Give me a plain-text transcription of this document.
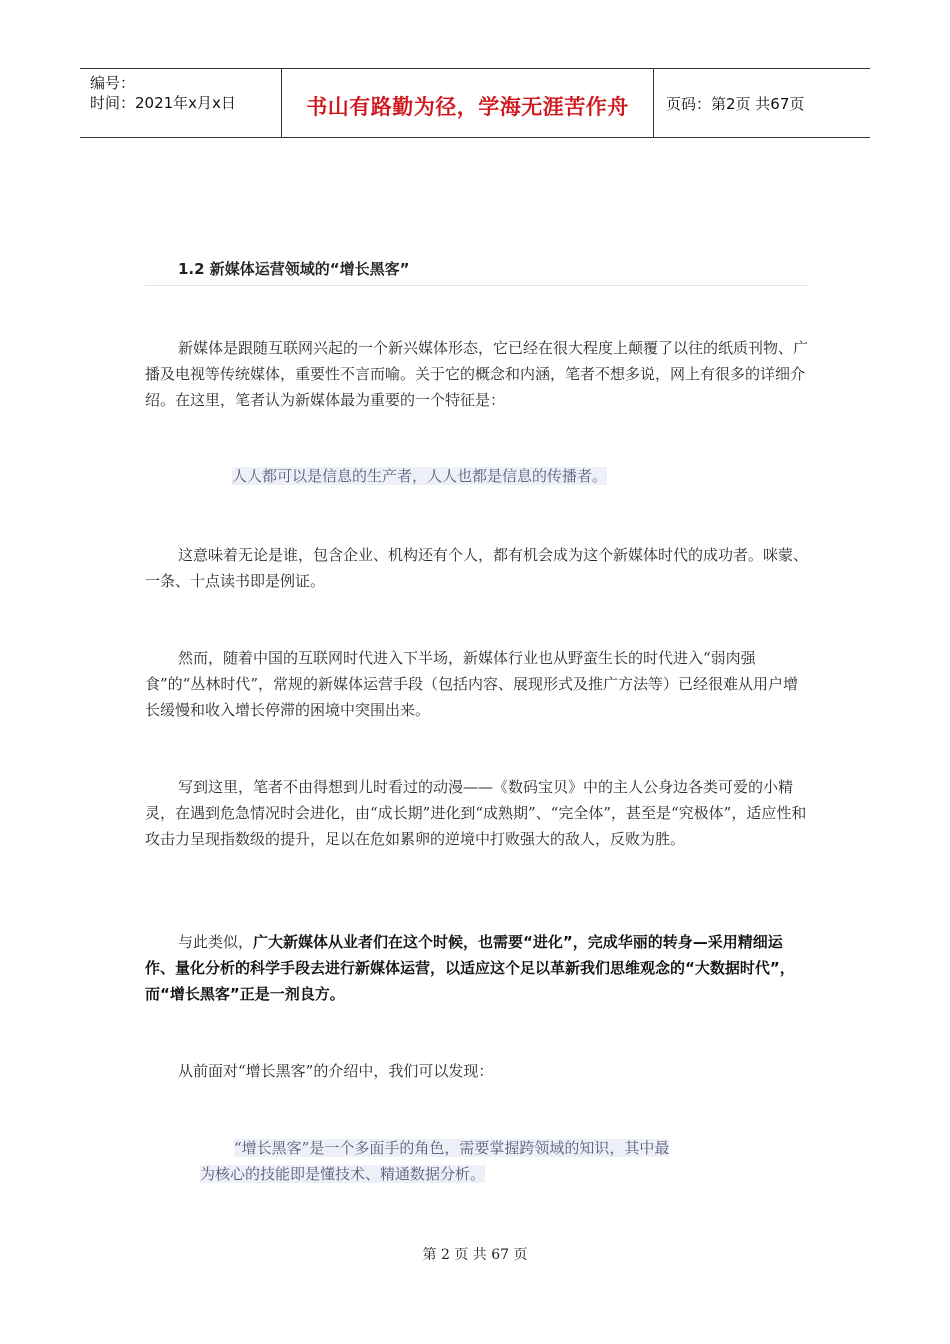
编号：
时间：2021年x月x日	书山有路勤为径，学海无涯苦作舟	页码：第2页 共67页
1.2 新媒体运营领域的“增长黑客”
新媒体是跟随互联网兴起的一个新兴媒体形态，它已经在很大程度上颠覆了以往的纸质刊物、广播及电视等传统媒体，重要性不言而喻。关于它的概念和内涵，笔者不想多说，网上有很多的详细介绍。在这里，笔者认为新媒体最为重要的一个特征是：
人人都可以是信息的生产者，人人也都是信息的传播者。
这意味着无论是谁，包含企业、机构还有个人，都有机会成为这个新媒体时代的成功者。咪蒙、一条、十点读书即是例证。
然而，随着中国的互联网时代进入下半场，新媒体行业也从野蛮生长的时代进入“弱肉强食”的“丛林时代”，常规的新媒体运营手段（包括内容、展现形式及推广方法等）已经很难从用户增长缓慢和收入增长停滞的困境中突围出来。
写到这里，笔者不由得想到儿时看过的动漫——《数码宝贝》中的主人公身边各类可爱的小精灵，在遇到危急情况时会进化，由“成长期”进化到“成熟期”、“完全体”，甚至是“究极体”，适应性和攻击力呈现指数级的提升，足以在危如累卵的逆境中打败强大的敌人，反败为胜。
与此类似，广大新媒体从业者们在这个时候，也需要“进化”，完成华丽的转身—采用精细运作、量化分析的科学手段去进行新媒体运营，以适应这个足以革新我们思维观念的“大数据时代”，而“增长黑客”正是一剂良方。
从前面对“增长黑客”的介绍中，我们可以发现：
“增长黑客”是一个多面手的角色，需要掌握跨领域的知识，其中最
为核心的技能即是懂技术、精通数据分析。
第 2 页 共 67 页
